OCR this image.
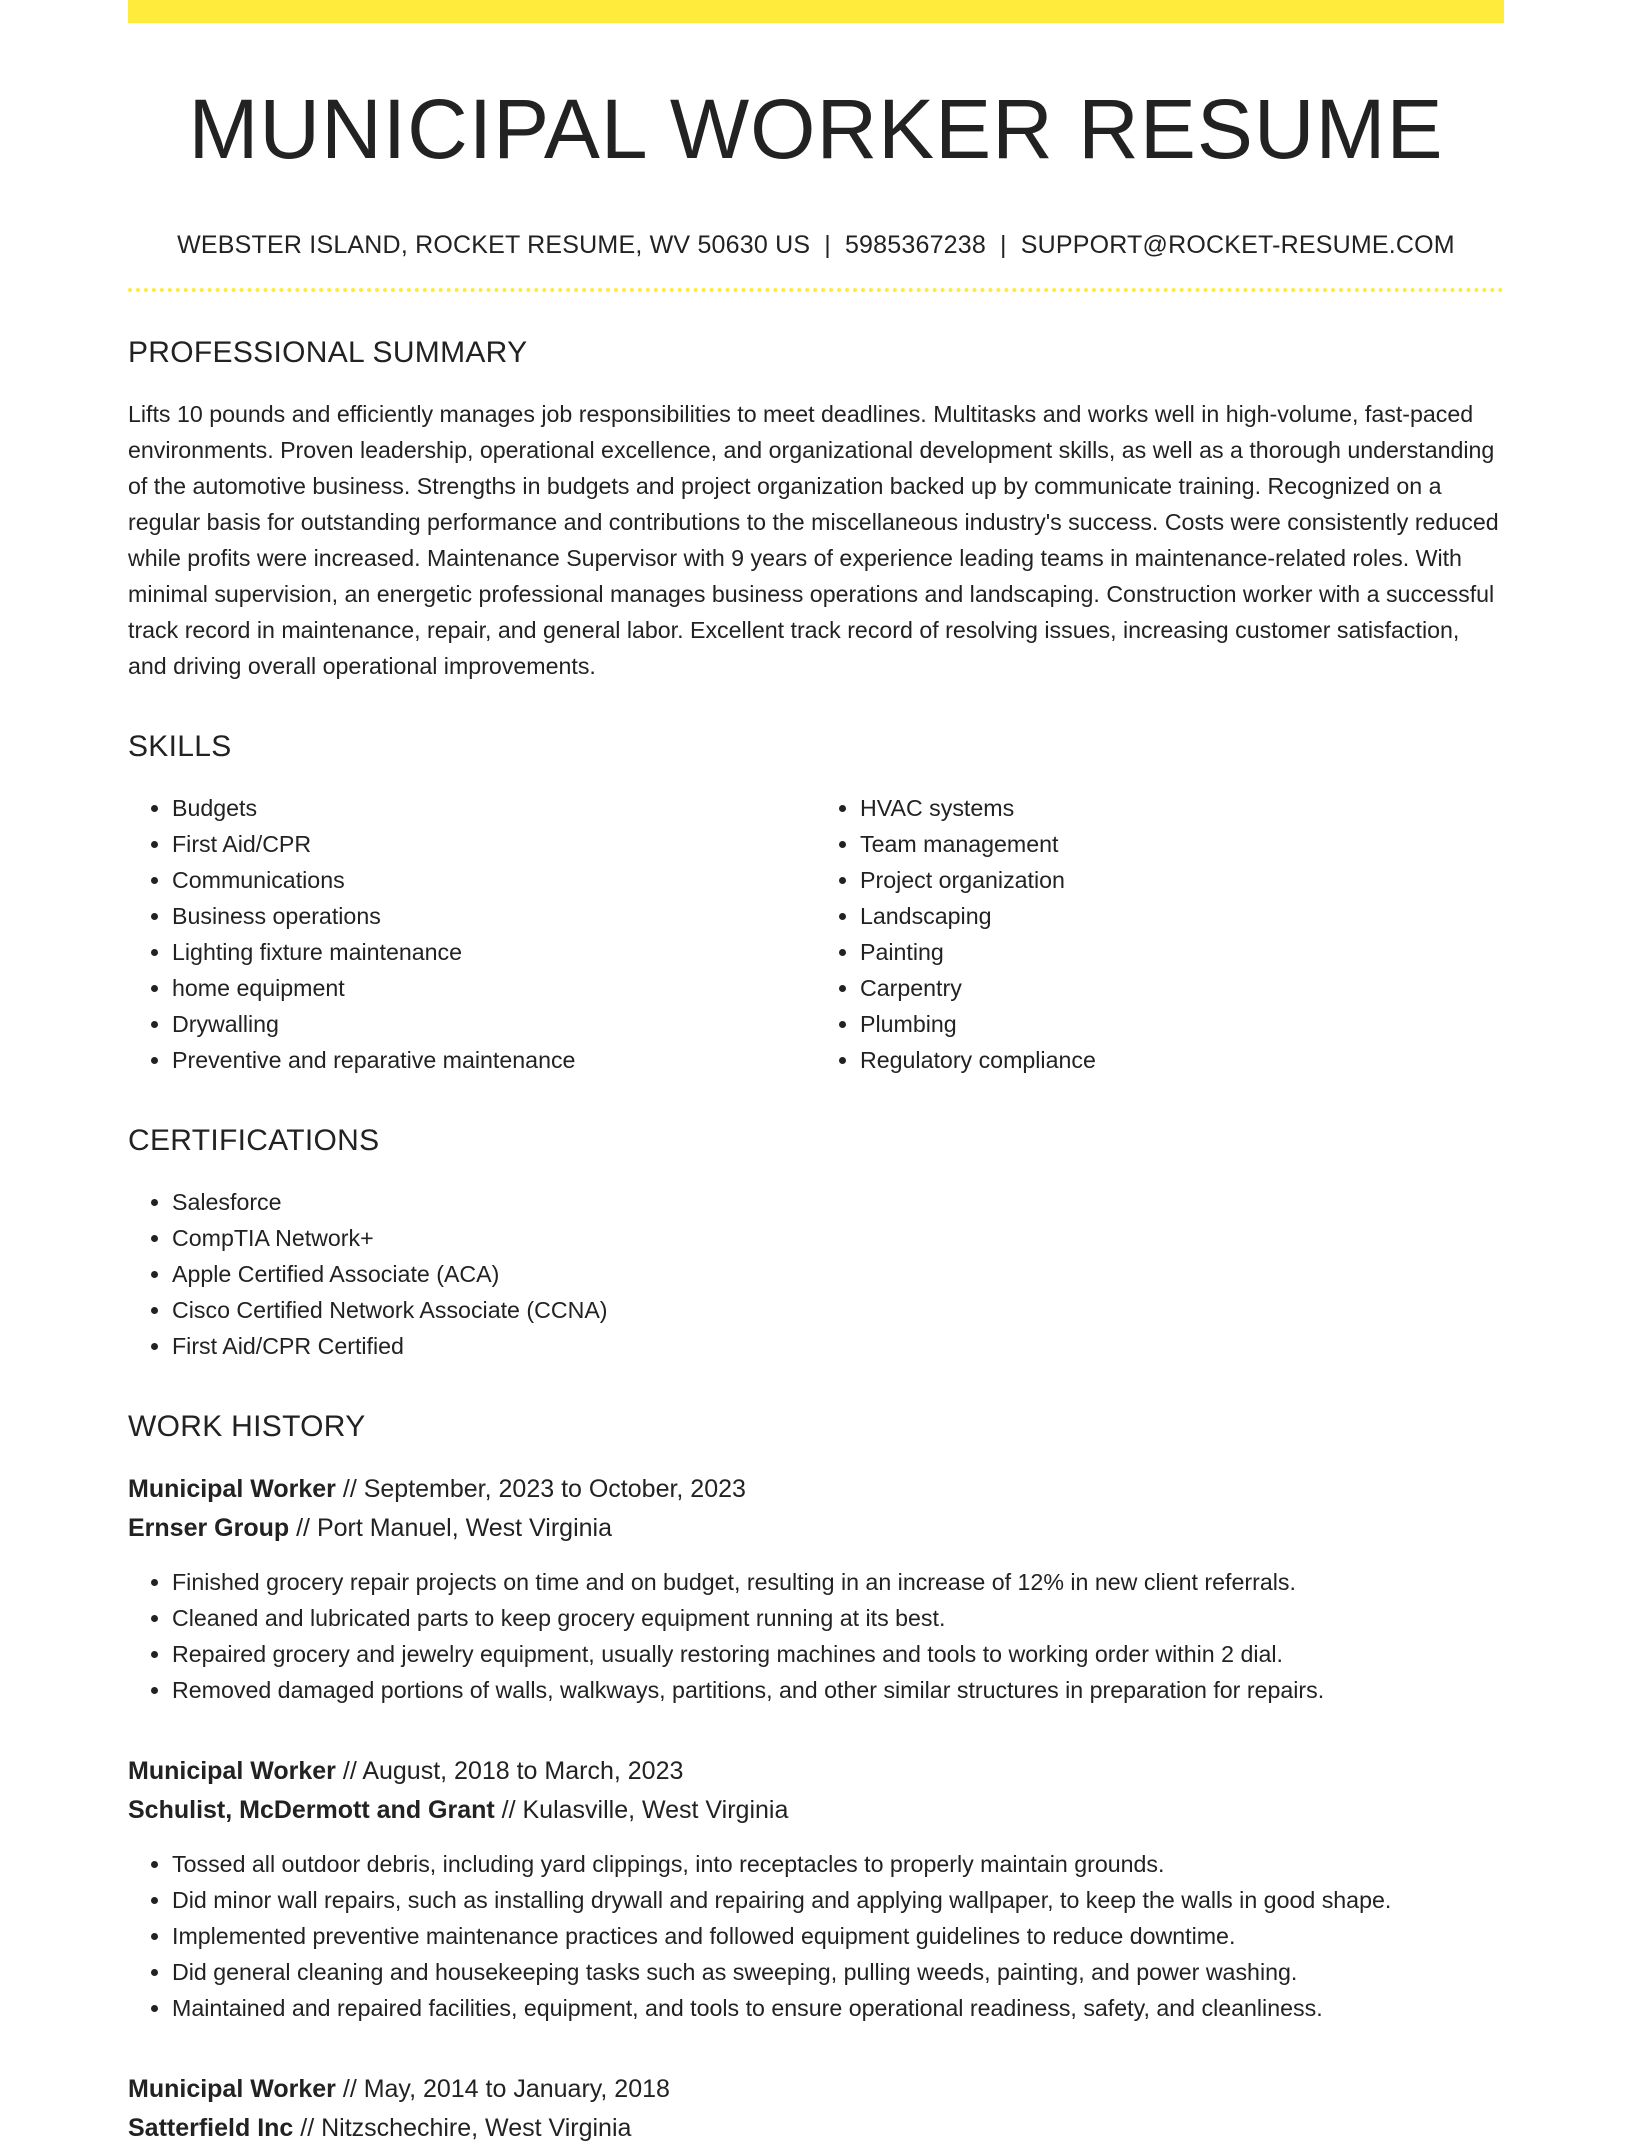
MUNICIPAL WORKER RESUME
WEBSTER ISLAND, ROCKET RESUME, WV 50630 US | 5985367238 | SUPPORT@ROCKET-RESUME.COM
PROFESSIONAL SUMMARY
Lifts 10 pounds and efficiently manages job responsibilities to meet deadlines. Multitasks and works well in high-volume, fast-paced environments. Proven leadership, operational excellence, and organizational development skills, as well as a thorough understanding of the automotive business. Strengths in budgets and project organization backed up by communicate training. Recognized on a regular basis for outstanding performance and contributions to the miscellaneous industry's success. Costs were consistently reduced while profits were increased. Maintenance Supervisor with 9 years of experience leading teams in maintenance-related roles. With minimal supervision, an energetic professional manages business operations and landscaping. Construction worker with a successful track record in maintenance, repair, and general labor. Excellent track record of resolving issues, increasing customer satisfaction, and driving overall operational improvements.
SKILLS
• Budgets
• First Aid/CPR
• Communications
• Business operations
• Lighting fixture maintenance
• home equipment
• Drywalling
• Preventive and reparative maintenance
• HVAC systems
• Team management
• Project organization
• Landscaping
• Painting
• Carpentry
• Plumbing
• Regulatory compliance
CERTIFICATIONS
• Salesforce
• CompTIA Network+
• Apple Certified Associate (ACA)
• Cisco Certified Network Associate (CCNA)
• First Aid/CPR Certified
WORK HISTORY
Municipal Worker // September, 2023 to October, 2023
Ernser Group // Port Manuel, West Virginia
• Finished grocery repair projects on time and on budget, resulting in an increase of 12% in new client referrals.
• Cleaned and lubricated parts to keep grocery equipment running at its best.
• Repaired grocery and jewelry equipment, usually restoring machines and tools to working order within 2 dial.
• Removed damaged portions of walls, walkways, partitions, and other similar structures in preparation for repairs.
Municipal Worker // August, 2018 to March, 2023
Schulist, McDermott and Grant // Kulasville, West Virginia
• Tossed all outdoor debris, including yard clippings, into receptacles to properly maintain grounds.
• Did minor wall repairs, such as installing drywall and repairing and applying wallpaper, to keep the walls in good shape.
• Implemented preventive maintenance practices and followed equipment guidelines to reduce downtime.
• Did general cleaning and housekeeping tasks such as sweeping, pulling weeds, painting, and power washing.
• Maintained and repaired facilities, equipment, and tools to ensure operational readiness, safety, and cleanliness.
Municipal Worker // May, 2014 to January, 2018
Satterfield Inc // Nitzschechire, West Virginia
